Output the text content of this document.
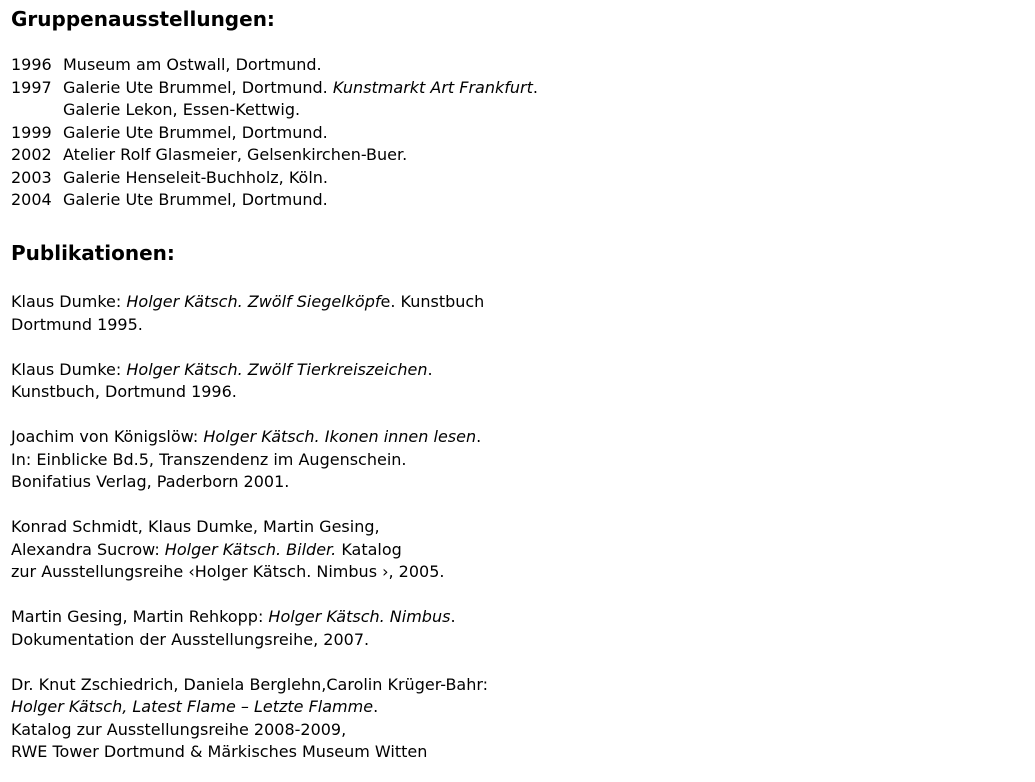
Gruppenausstellungen:
1996 Museum am Ostwall, Dortmund.
1997 Galerie Ute Brummel, Dortmund. Kunstmarkt Art Frankfurt.
Galerie Lekon, Essen-Kettwig.
1999 Galerie Ute Brummel, Dortmund.
2002 Atelier Rolf Glasmeier, Gelsenkirchen-Buer.
2003 Galerie Henseleit-Buchholz, Köln.
2004 Galerie Ute Brummel, Dortmund.
Publikationen:
Klaus Dumke: Holger Kätsch. Zwölf Siegelköpfe. Kunstbuch
Dortmund 1995.
Klaus Dumke: Holger Kätsch. Zwölf Tierkreiszeichen.
Kunstbuch, Dortmund 1996.
Joachim von Königslöw: Holger Kätsch. Ikonen innen lesen.
In: Einblicke Bd.5, Transzendenz im Augenschein.
Bonifatius Verlag, Paderborn 2001.
Konrad Schmidt, Klaus Dumke, Martin Gesing,
Alexandra Sucrow: Holger Kätsch. Bilder. Katalog
zur Ausstellungsreihe ‹Holger Kätsch. Nimbus ›, 2005.
Martin Gesing, Martin Rehkopp: Holger Kätsch. Nimbus.
Dokumentation der Ausstellungsreihe, 2007.
Dr. Knut Zschiedrich, Daniela Berglehn,Carolin Krüger-Bahr:
Holger Kätsch, Latest Flame – Letzte Flamme.
Katalog zur Ausstellungsreihe 2008-2009,
RWE Tower Dortmund & Märkisches Museum Witten
